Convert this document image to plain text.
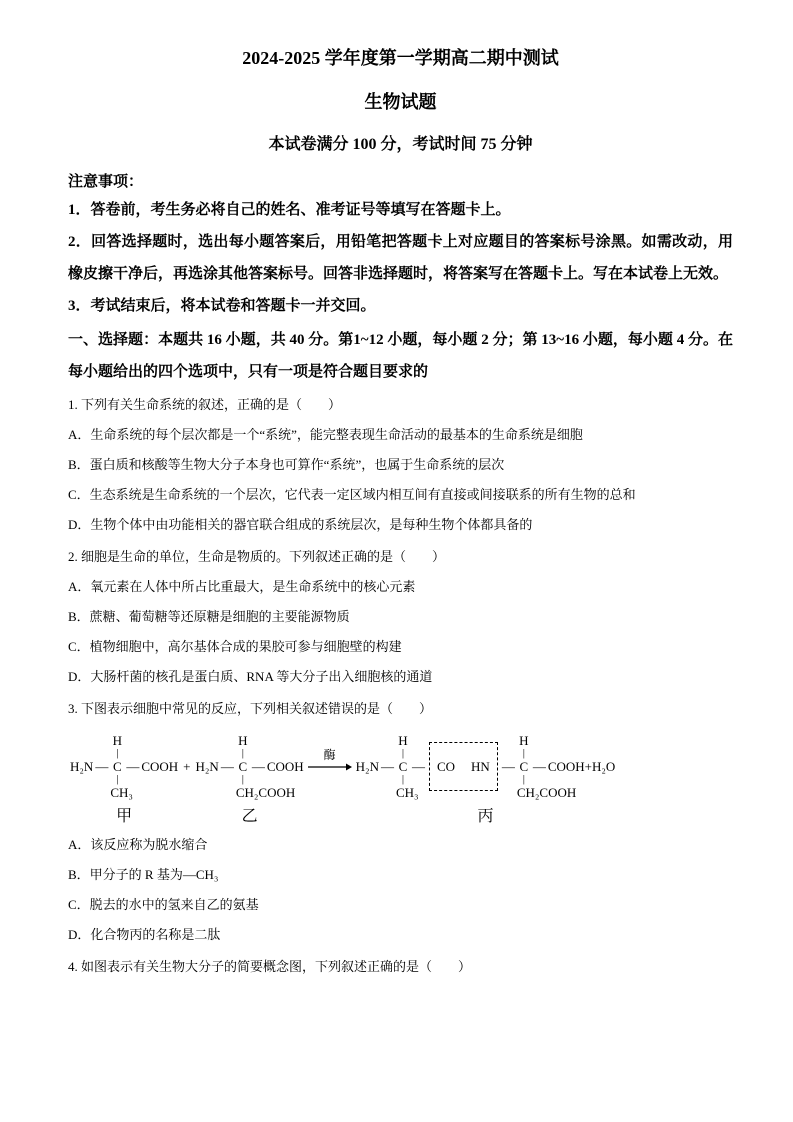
2024-2025 学年度第一学期高二期中测试
生物试题
本试卷满分 100 分，考试时间 75 分钟
注意事项：
1．答卷前，考生务必将自己的姓名、准考证号等填写在答题卡上。
2．回答选择题时，选出每小题答案后，用铅笔把答题卡上对应题目的答案标号涂黑。如需改动，用橡皮擦干净后，再选涂其他答案标号。回答非选择题时，将答案写在答题卡上。写在本试卷上无效。
3．考试结束后，将本试卷和答题卡一并交回。
一、选择题：本题共 16 小题，共 40 分。第1~12 小题，每小题 2 分；第 13~16 小题，每小题 4 分。在每小题给出的四个选项中，只有一项是符合题目要求的
1. 下列有关生命系统的叙述，正确的是（　　）
A．生命系统的每个层次都是一个“系统”，能完整表现生命活动的最基本的生命系统是细胞
B．蛋白质和核酸等生物大分子本身也可算作“系统”，也属于生命系统的层次
C．生态系统是生命系统的一个层次，它代表一定区域内相互间有直接或间接联系的所有生物的总和
D．生物个体中由功能相关的器官联合组成的系统层次，是每种生物个体都具备的
2. 细胞是生命的单位，生命是物质的。下列叙述正确的是（　　）
A．氧元素在人体中所占比重最大，是生命系统中的核心元素
B．蔗糖、葡萄糖等还原糖是细胞的主要能源物质
C．植物细胞中，高尔基体合成的果胶可参与细胞壁的构建
D．大肠杆菌的核孔是蛋白质、RNA 等大分子出入细胞核的通道
3. 下图表示细胞中常见的反应，下列相关叙述错误的是（　　）
H₂N —
H
|
C
|
CH₃
— COOH
甲
+ H₂N —
H
|
C
|
CH₂COOH
— COOH
乙
酶
H₂N —
H
|
C
|
CH₃
— CO HN —
H
|
C
|
CH₂COOH
— COOH+H₂O
丙
A．该反应称为脱水缩合
B．甲分子的 R 基为—CH₃
C．脱去的水中的氢来自乙的氨基
D．化合物丙的名称是二肽
4. 如图表示有关生物大分子的简要概念图，下列叙述正确的是（　　）
